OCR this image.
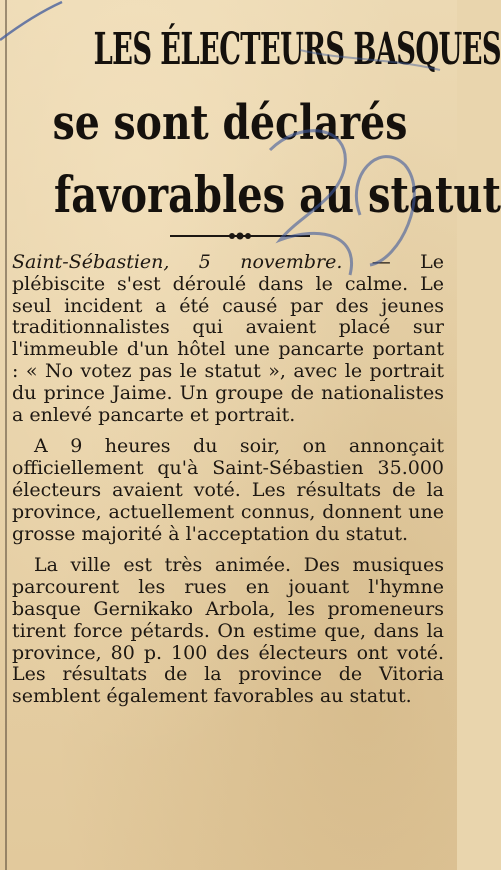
LES ÉLECTEURS BASQUES
se sont déclarés
favorables au statut

Saint-Sébastien, 5 novembre. — Le plébiscite s'est déroulé dans le calme. Le seul incident a été causé par des jeunes traditionnalistes qui avaient placé sur l'immeuble d'un hôtel une pancarte portant : « No votez pas le statut », avec le portrait du prince Jaime. Un groupe de nationalistes a enlevé pancarte et portrait.

A 9 heures du soir, on annonçait officiellement qu'à Saint-Sébastien 35.000 électeurs avaient voté. Les résultats de la province, actuellement connus, donnent une grosse majorité à l'acceptation du statut.

La ville est très animée. Des musiques parcourent les rues en jouant l'hymne basque Gernikako Arbola, les promeneurs tirent force pétards. On estime que, dans la province, 80 p. 100 des électeurs ont voté. Les résultats de la province de Vitoria semblent également favorables au statut.
